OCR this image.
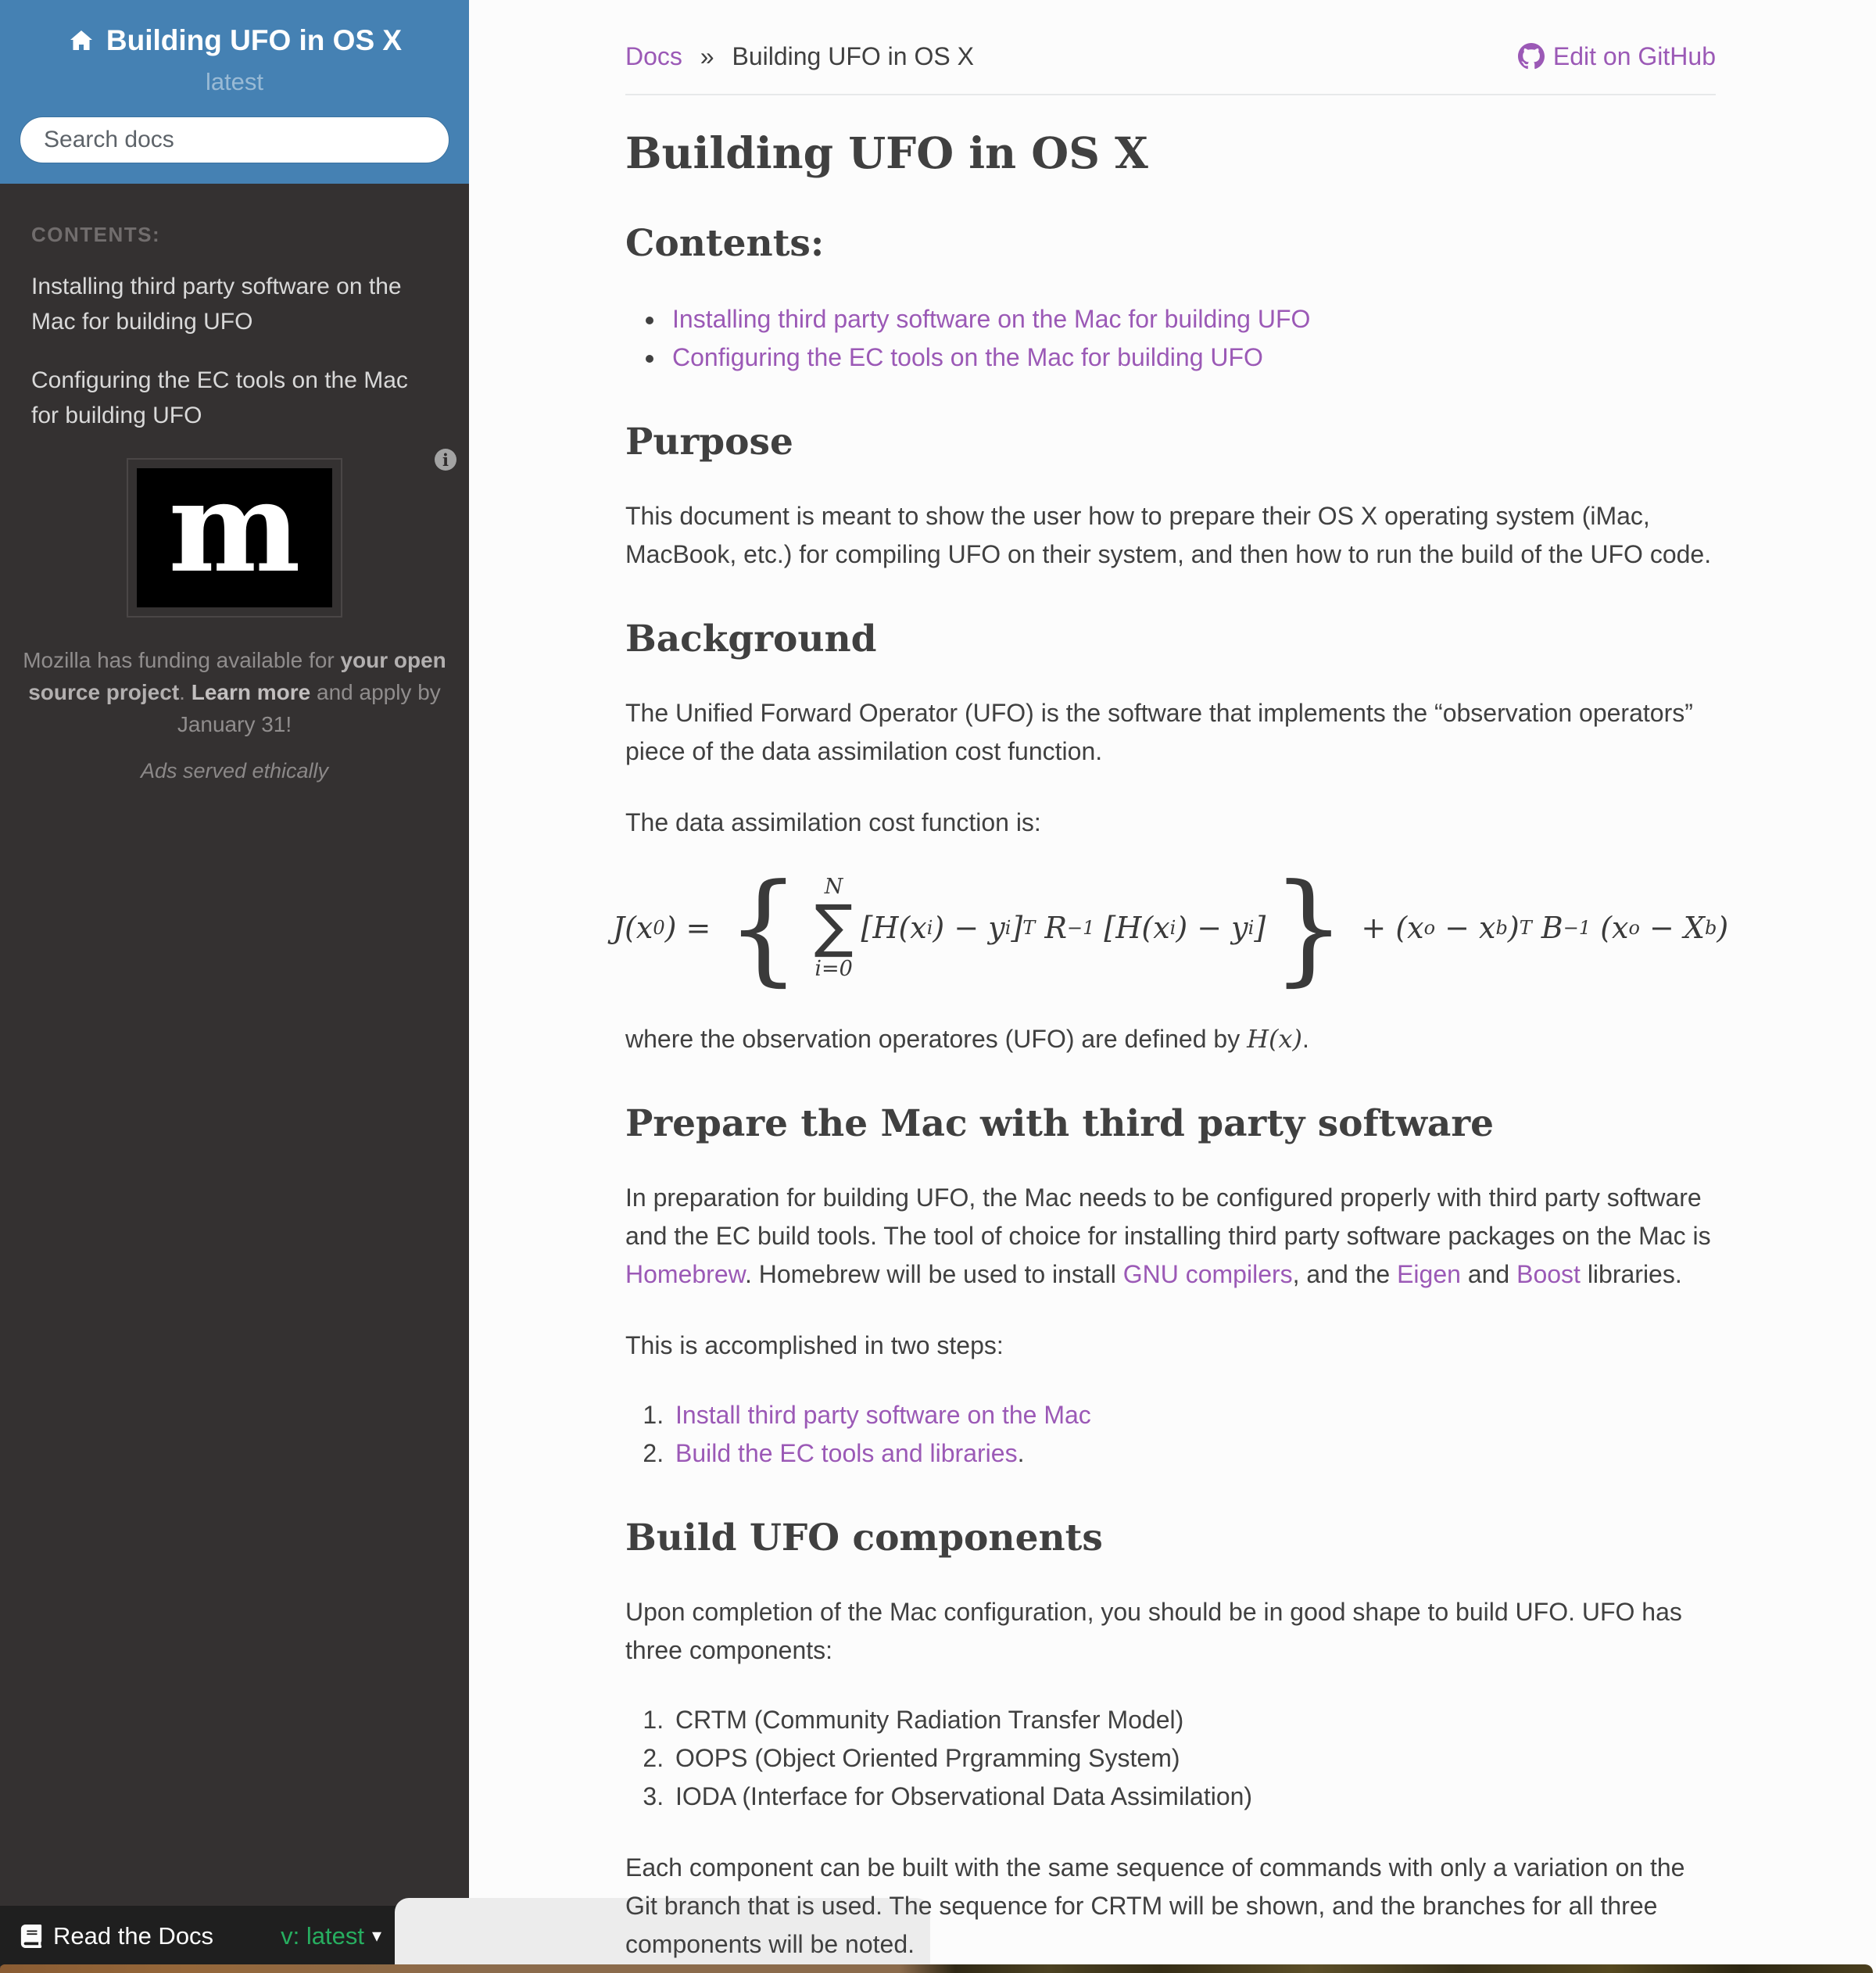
Building UFO in OS X
latest
Search docs
CONTENTS:
Installing third party software on the Mac for building UFO
Configuring the EC tools on the Mac for building UFO
i
m

Mozilla has funding available for your open source project. Learn more and apply by January 31!

Ads served ethically

Read the Docs	v: latest ▾
Docs » Building UFO in OS X	Edit on GitHub
Building UFO in OS X
Contents:
• Installing third party software on the Mac for building UFO
• Configuring the EC tools on the Mac for building UFO
Purpose

This document is meant to show the user how to prepare their OS X operating system (iMac, MacBook, etc.) for compiling UFO on their system, and then how to run the build of the UFO code.

Background

The Unified Forward Operator (UFO) is the software that implements the “observation operators” piece of the data assimilation cost function.

The data assimilation cost function is:

J(x 0 ) = { N
∑
i=0
[H(x i ) − y i ] T R −1 [H(x i ) − y i ] } + (x o − x b ) T B −1 (x o − X b )

where the observation operatores (UFO) are defined by H(x).

Prepare the Mac with third party software

In preparation for building UFO, the Mac needs to be configured properly with third party software and the EC build tools. The tool of choice for installing third party software packages on the Mac is Homebrew. Homebrew will be used to install GNU compilers, and the Eigen and Boost libraries.

This is accomplished in two steps:

1. Install third party software on the Mac
2. Build the EC tools and libraries.
Build UFO components

Upon completion of the Mac configuration, you should be in good shape to build UFO. UFO has three components:

1. CRTM (Community Radiation Transfer Model)
2. OOPS (Object Oriented Prgramming System)
3. IODA (Interface for Observational Data Assimilation)

Each component can be built with the same sequence of commands with only a variation on the Git branch that is used. The sequence for CRTM will be shown, and the branches for all three components will be noted.
